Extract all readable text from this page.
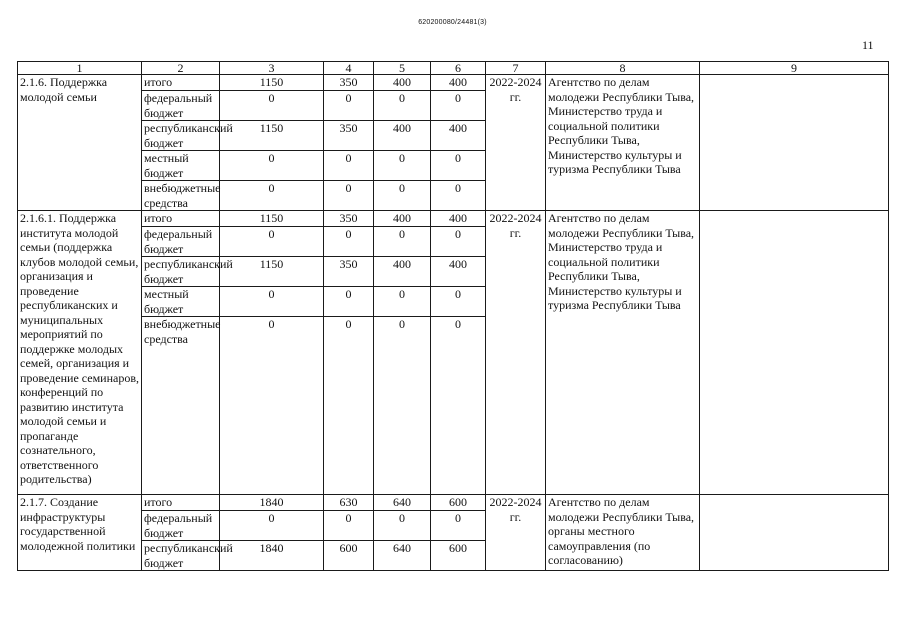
620200080/24481(3)
11
1	2	3	4	5	6	7	8	9
2.1.6. Поддержка молодой семьи	итого	1150	350	400	400	2022-2024 гг.	Агентство по делам молодежи Республики Тыва, Министерство труда и социальной политики Республики Тыва, Министерство культуры и туризма Республики Тыва	
	федеральный бюджет	0	0	0	0			
	республиканский бюджет	1150	350	400	400			
	местный бюджет	0	0	0	0			
	внебюджетные средства	0	0	0	0			
2.1.6.1. Поддержка института молодой семьи (поддержка клубов молодой семьи, организация и проведение республиканских и муниципальных мероприятий по поддержке молодых семей, организация и проведение семинаров, конференций по развитию института молодой семьи и пропаганде сознательного, ответственного родительства)	итого	1150	350	400	400	2022-2024 гг.	Агентство по делам молодежи Республики Тыва, Министерство труда и социальной политики Республики Тыва, Министерство культуры и туризма Республики Тыва	
	федеральный бюджет	0	0	0	0			
	республиканский бюджет	1150	350	400	400			
	местный бюджет	0	0	0	0			
	внебюджетные средства	0	0	0	0			
2.1.7. Создание инфраструктуры государственной молодежной политики	итого	1840	630	640	600	2022-2024 гг.	Агентство по делам молодежи Республики Тыва, органы местного самоуправления (по согласованию)	
	федеральный бюджет	0	0	0	0			
	республиканский бюджет	1840	600	640	600			
